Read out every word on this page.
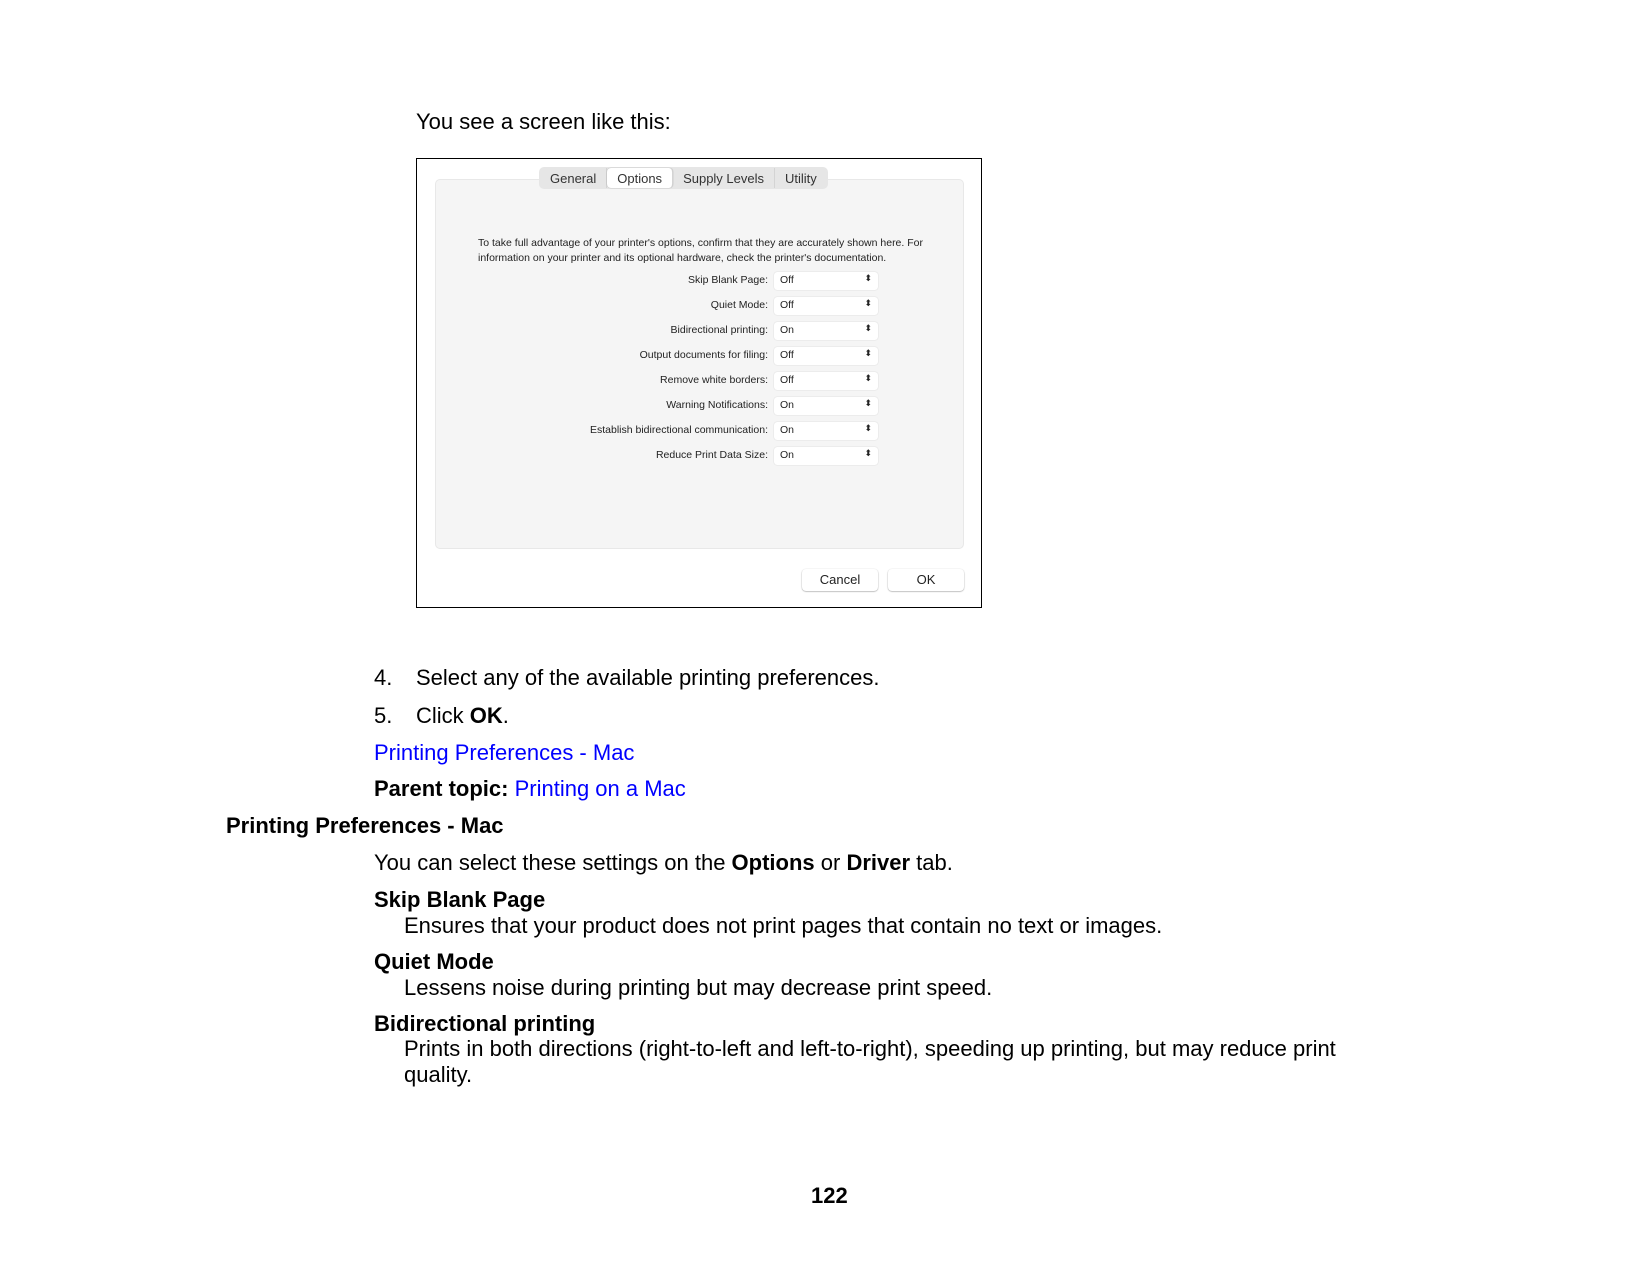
You see a screen like this:
To take full advantage of your printer's options, confirm that they are accurately shown here. For information on your printer and its optional hardware, check the printer's documentation.
Skip Blank Page:	Off	⬍
Quiet Mode:	Off	⬍
Bidirectional printing:	On	⬍
Output documents for filing:	Off	⬍
Remove white borders:	Off	⬍
Warning Notifications:	On	⬍
Establish bidirectional communication:	On	⬍
Reduce Print Data Size:	On	⬍
General	Options	Supply Levels	Utility
Cancel	OK
4. Select any of the available printing preferences.
5. Click OK.
Printing Preferences - Mac
Parent topic: Printing on a Mac
Printing Preferences - Mac
You can select these settings on the Options or Driver tab.
Skip Blank Page
Ensures that your product does not print pages that contain no text or images.
Quiet Mode
Lessens noise during printing but may decrease print speed.
Bidirectional printing
Prints in both directions (right-to-left and left-to-right), speeding up printing, but may reduce print
quality.
122
